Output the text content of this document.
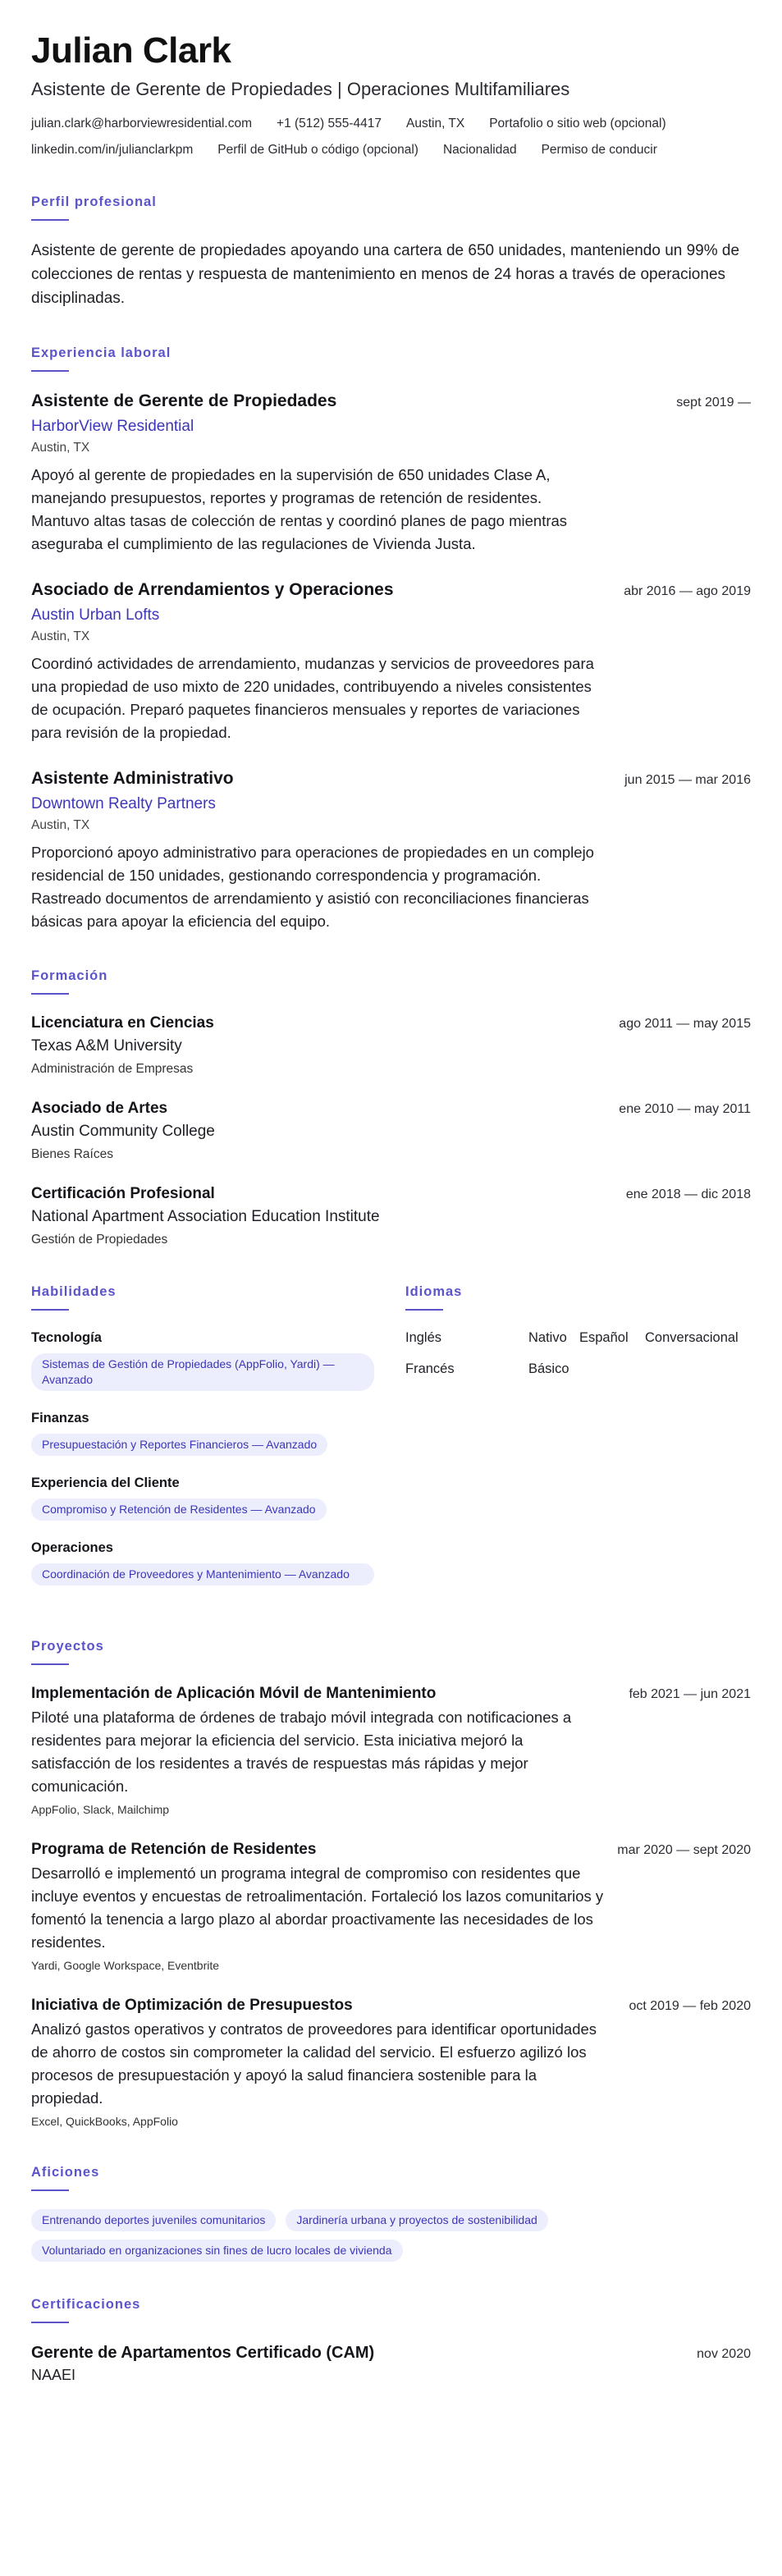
Julian Clark
Asistente de Gerente de Propiedades | Operaciones Multifamiliares
julian.clark@harborviewresidential.com +1 (512) 555-4417 Austin, TX Portafolio o sitio web (opcional)
linkedin.com/in/julianclarkpm Perfil de GitHub o código (opcional) Nacionalidad Permiso de conducir
Perfil profesional

Asistente de gerente de propiedades apoyando una cartera de 650 unidades, manteniendo un 99% de colecciones de rentas y respuesta de mantenimiento en menos de 24 horas a través de operaciones disciplinadas.

Experiencia laboral
Asistente de Gerente de Propiedades	sept 2019 —
HarborView Residential
Austin, TX

Apoyó al gerente de propiedades en la supervisión de 650 unidades Clase A, manejando presupuestos, reportes y programas de retención de residentes. Mantuvo altas tasas de colección de rentas y coordinó planes de pago mientras aseguraba el cumplimiento de las regulaciones de Vivienda Justa.

Asociado de Arrendamientos y Operaciones	abr 2016 — ago 2019
Austin Urban Lofts
Austin, TX

Coordinó actividades de arrendamiento, mudanzas y servicios de proveedores para una propiedad de uso mixto de 220 unidades, contribuyendo a niveles consistentes de ocupación. Preparó paquetes financieros mensuales y reportes de variaciones para revisión de la propiedad.

Asistente Administrativo	jun 2015 — mar 2016
Downtown Realty Partners
Austin, TX

Proporcionó apoyo administrativo para operaciones de propiedades en un complejo residencial de 150 unidades, gestionando correspondencia y programación. Rastreado documentos de arrendamiento y asistió con reconciliaciones financieras básicas para apoyar la eficiencia del equipo.

Formación
Licenciatura en Ciencias	ago 2011 — may 2015
Texas A&M University
Administración de Empresas
Asociado de Artes	ene 2010 — may 2011
Austin Community College
Bienes Raíces
Certificación Profesional	ene 2018 — dic 2018
National Apartment Association Education Institute
Gestión de Propiedades
Habilidades
Tecnología
Sistemas de Gestión de Propiedades (AppFolio, Yardi) — Avanzado
Finanzas
Presupuestación y Reportes Financieros — Avanzado
Experiencia del Cliente
Compromiso y Retención de Residentes — Avanzado
Operaciones
Coordinación de Proveedores y Mantenimiento — Avanzado
Idiomas
Inglés	Nativo Español	Conversacional
Francés	Básico
Proyectos
Implementación de Aplicación Móvil de Mantenimiento	feb 2021 — jun 2021

Piloté una plataforma de órdenes de trabajo móvil integrada con notificaciones a residentes para mejorar la eficiencia del servicio. Esta iniciativa mejoró la satisfacción de los residentes a través de respuestas más rápidas y mejor comunicación.

AppFolio, Slack, Mailchimp
Programa de Retención de Residentes	mar 2020 — sept 2020

Desarrolló e implementó un programa integral de compromiso con residentes que incluye eventos y encuestas de retroalimentación. Fortaleció los lazos comunitarios y fomentó la tenencia a largo plazo al abordar proactivamente las necesidades de los residentes.

Yardi, Google Workspace, Eventbrite
Iniciativa de Optimización de Presupuestos	oct 2019 — feb 2020

Analizó gastos operativos y contratos de proveedores para identificar oportunidades de ahorro de costos sin comprometer la calidad del servicio. El esfuerzo agilizó los procesos de presupuestación y apoyó la salud financiera sostenible para la propiedad.

Excel, QuickBooks, AppFolio
Aficiones
Entrenando deportes juveniles comunitarios	Jardinería urbana y proyectos de sostenibilidad
Voluntariado en organizaciones sin fines de lucro locales de vivienda
Certificaciones
Gerente de Apartamentos Certificado (CAM)	nov 2020
NAAEI
